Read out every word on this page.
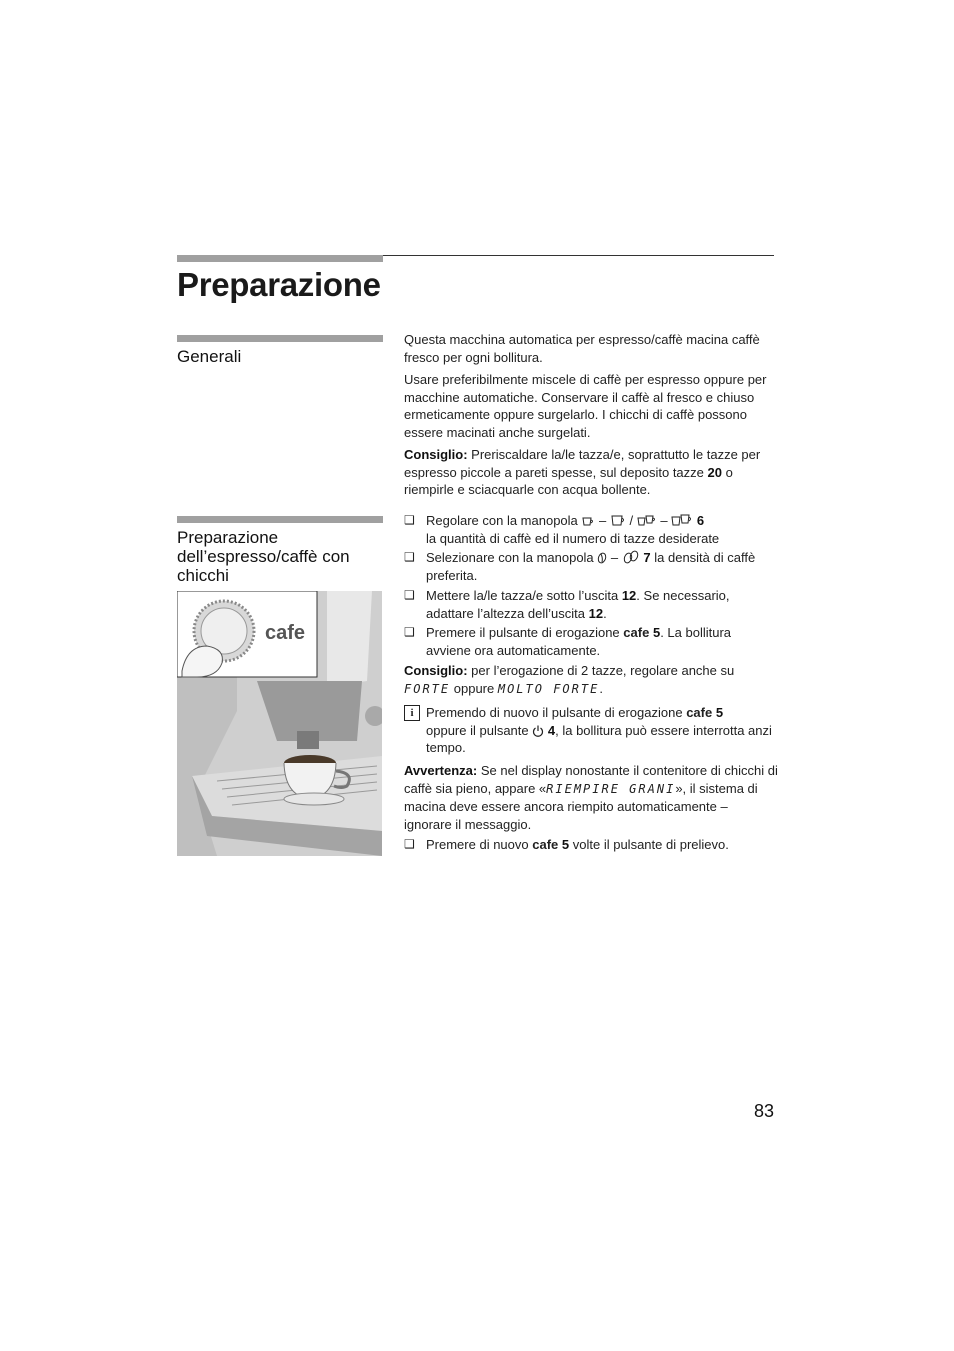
Preparazione
Generali
Questa macchina automatica per espresso/caffè macina caffè fresco per ogni bollitura.
Usare preferibilmente miscele di caffè per espresso oppure per macchine automatiche. Conservare il caffè al fresco e chiuso ermeticamente oppure surgelarlo. I chicchi di caffè possono essere macinati anche surgelati.
Consiglio: Preriscaldare la/le tazza/e, soprattutto le tazze per espresso piccole a pareti spesse, sul deposito tazze 20 o riempirle e sciacquarle con acqua bollente.
Preparazione dell’espresso/caffè con chicchi
cafe
❑ Regolare con la manopola  –  /  –  6
la quantità di caffè ed il numero di tazze desiderate
❑ Selezionare con la manopola  –  7 la densità di caffè preferita.
❑ Mettere la/le tazza/e sotto l’uscita 12. Se necessario, adattare l’altezza dell’uscita 12.
❑ Premere il pulsante di erogazione cafe 5. La bollitura avviene ora automaticamente.
Consiglio: per l’erogazione di 2 tazze, regolare anche su
FORTE oppure MOLTO FORTE.
i Premendo di nuovo il pulsante di erogazione cafe 5
oppure il pulsante 4, la bollitura può essere interrotta anzi tempo.
Avvertenza: Se nel display nonostante il contenitore di chicchi di caffè sia pieno, appare «RIEMPIRE GRANI», il sistema di macina deve essere ancora riempito automaticamente – ignorare il messaggio.
❑ Premere di nuovo cafe 5 volte il pulsante di prelievo.
83
